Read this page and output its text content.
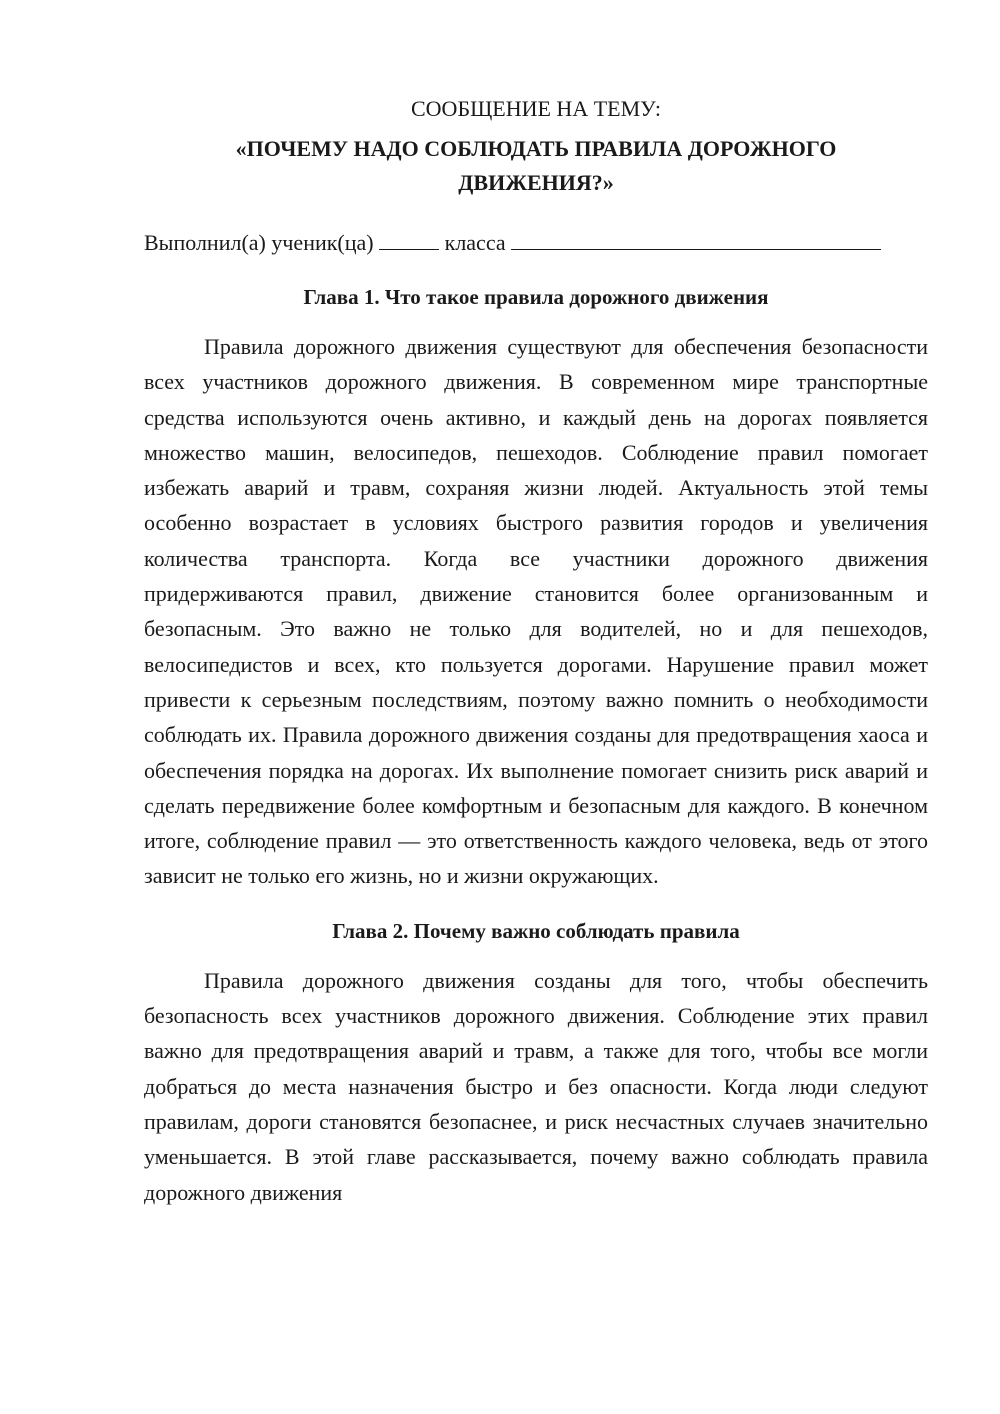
СООБЩЕНИЕ НА ТЕМУ:

«ПОЧЕМУ НАДО СОБЛЮДАТЬ ПРАВИЛА ДОРОЖНОГО

ДВИЖЕНИЯ?»

Выполнил(а) ученик(ца)	класса
Глава 1. Что такое правила дорожного движения

Правила дорожного движения существуют для обеспечения безопасности всех участников дорожного движения. В современном мире транспортные средства используются очень активно, и каждый день на дорогах появляется множество машин, велосипедов, пешеходов. Соблюдение правил помогает избежать аварий и травм, сохраняя жизни людей. Актуальность этой темы особенно возрастает в условиях быстрого развития городов и увеличения количества транспорта. Когда все участники дорожного движения придерживаются правил, движение становится более организованным и безопасным. Это важно не только для водителей, но и для пешеходов, велосипедистов и всех, кто пользуется дорогами. Нарушение правил может привести к серьезным последствиям, поэтому важно помнить о необходимости соблюдать их. Правила дорожного движения созданы для предотвращения хаоса и обеспечения порядка на дорогах. Их выполнение помогает снизить риск аварий и сделать передвижение более комфортным и безопасным для каждого. В конечном итоге, соблюдение правил — это ответственность каждого человека, ведь от этого зависит не только его жизнь, но и жизни окружающих.

Глава 2. Почему важно соблюдать правила

Правила дорожного движения созданы для того, чтобы обеспечить безопасность всех участников дорожного движения. Соблюдение этих правил важно для предотвращения аварий и травм, а также для того, чтобы все могли добраться до места назначения быстро и без опасности. Когда люди следуют правилам, дороги становятся безопаснее, и риск несчастных случаев значительно уменьшается. В этой главе рассказывается, почему важно соблюдать правила дорожного движения
